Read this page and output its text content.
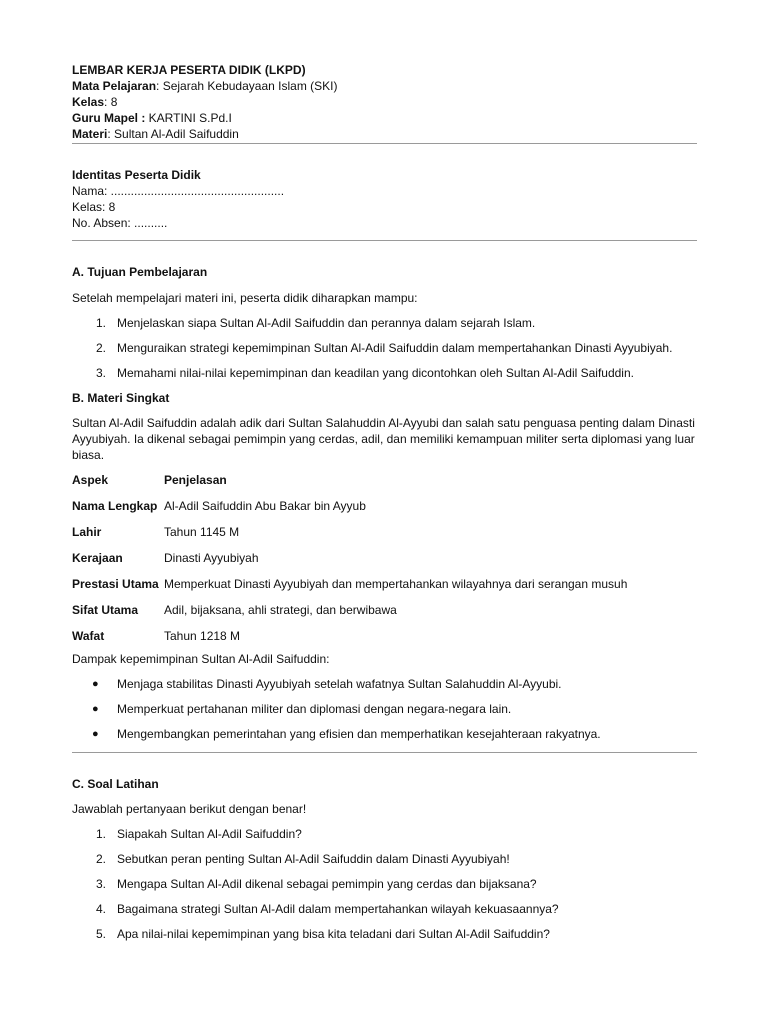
LEMBAR KERJA PESERTA DIDIK (LKPD)

Mata Pelajaran: Sejarah Kebudayaan Islam (SKI)

Kelas: 8

Guru Mapel : KARTINI S.Pd.I

Materi: Sultan Al-Adil Saifuddin

Identitas Peserta Didik

Nama: ....................................................

Kelas: 8

No. Absen: ..........

A. Tujuan Pembelajaran

Setelah mempelajari materi ini, peserta didik diharapkan mampu:

1. Menjelaskan siapa Sultan Al-Adil Saifuddin dan perannya dalam sejarah Islam.
2. Menguraikan strategi kepemimpinan Sultan Al-Adil Saifuddin dalam mempertahankan Dinasti Ayyubiyah.
3. Memahami nilai-nilai kepemimpinan dan keadilan yang dicontohkan oleh Sultan Al-Adil Saifuddin.

B. Materi Singkat

Sultan Al-Adil Saifuddin adalah adik dari Sultan Salahuddin Al-Ayyubi dan salah satu penguasa penting dalam Dinasti Ayyubiyah. Ia dikenal sebagai pemimpin yang cerdas, adil, dan memiliki kemampuan militer serta diplomasi yang luar biasa.

Aspek	Penjelasan
Nama Lengkap	Al-Adil Saifuddin Abu Bakar bin Ayyub
Lahir	Tahun 1145 M
Kerajaan	Dinasti Ayyubiyah
Prestasi Utama	Memperkuat Dinasti Ayyubiyah dan mempertahankan wilayahnya dari serangan musuh
Sifat Utama	Adil, bijaksana, ahli strategi, dan berwibawa
Wafat	Tahun 1218 M

Dampak kepemimpinan Sultan Al-Adil Saifuddin:

● Menjaga stabilitas Dinasti Ayyubiyah setelah wafatnya Sultan Salahuddin Al-Ayyubi.
● Memperkuat pertahanan militer dan diplomasi dengan negara-negara lain.
● Mengembangkan pemerintahan yang efisien dan memperhatikan kesejahteraan rakyatnya.

C. Soal Latihan

Jawablah pertanyaan berikut dengan benar!

1. Siapakah Sultan Al-Adil Saifuddin?
2. Sebutkan peran penting Sultan Al-Adil Saifuddin dalam Dinasti Ayyubiyah!
3. Mengapa Sultan Al-Adil dikenal sebagai pemimpin yang cerdas dan bijaksana?
4. Bagaimana strategi Sultan Al-Adil dalam mempertahankan wilayah kekuasaannya?
5. Apa nilai-nilai kepemimpinan yang bisa kita teladani dari Sultan Al-Adil Saifuddin?
